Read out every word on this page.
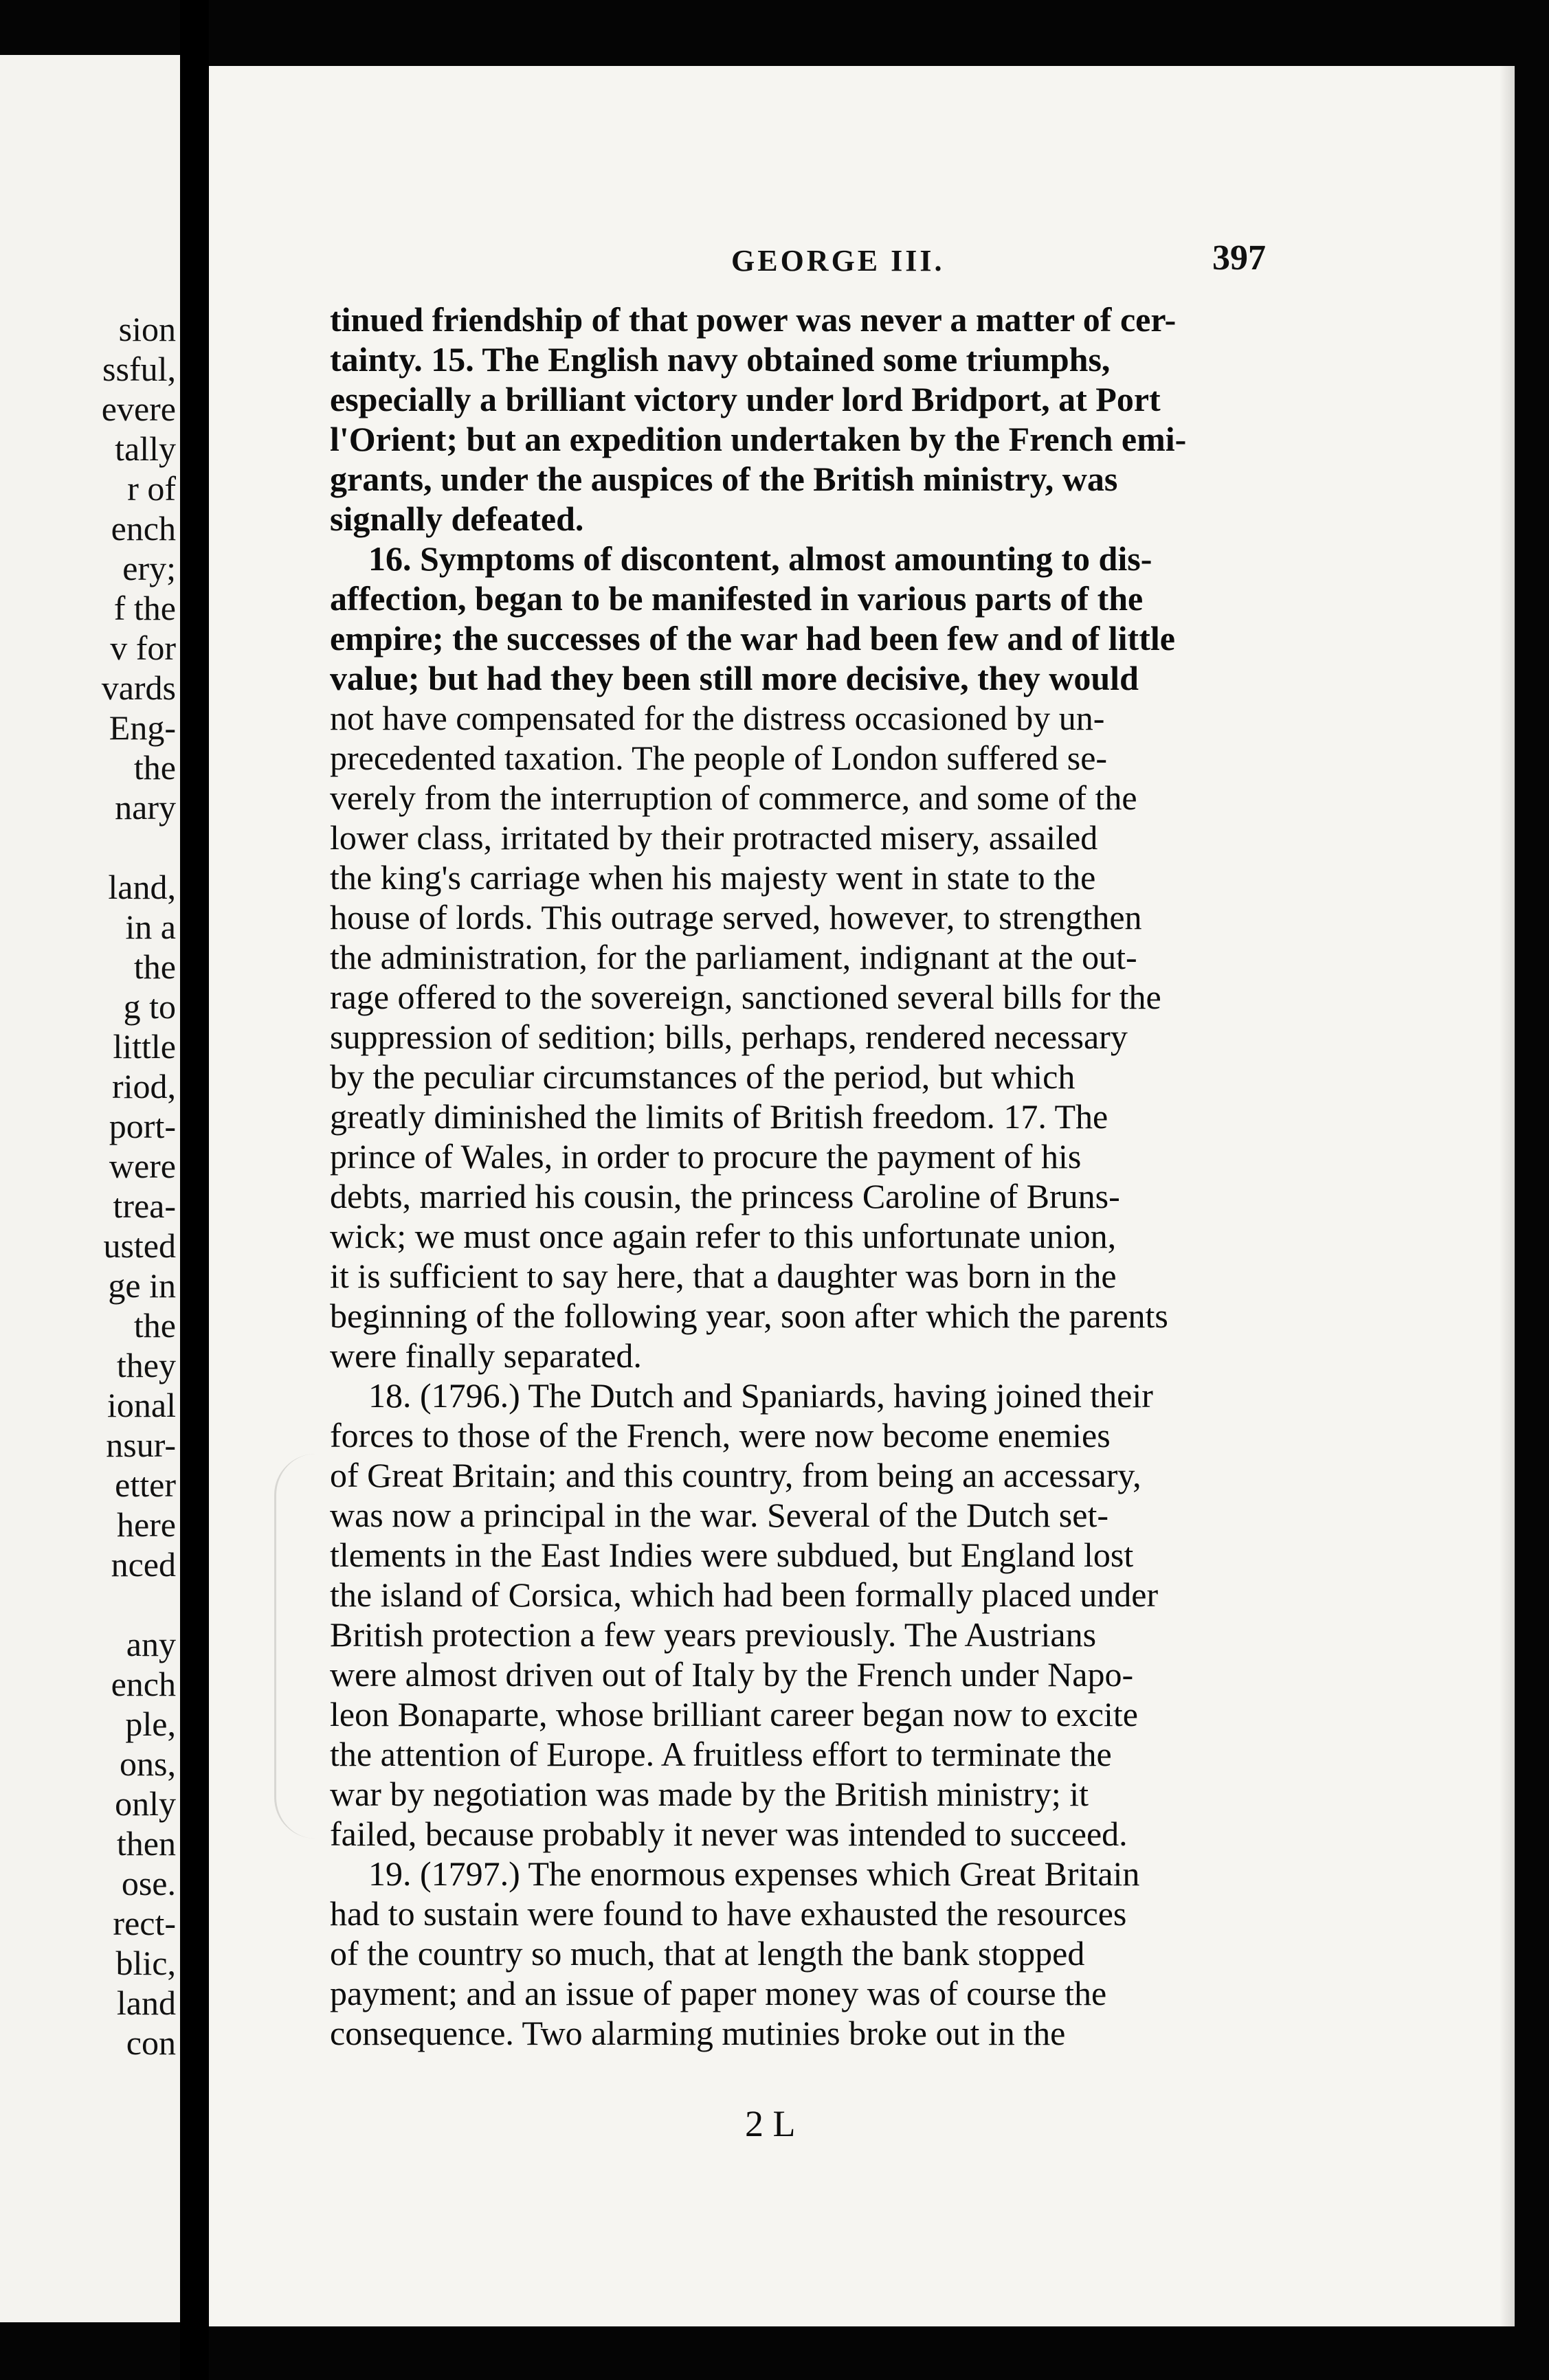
sion
ssful,
evere
tally
r of
ench
ery;
f the
v for
vards
Eng-
the
nary
land,
in a
the
g to
little
riod,
port-
were
trea-
usted
ge in
the
they
ional
nsur-
etter
here
nced
any
ench
ple,
ons,
only
then
ose.
rect-
blic,
land
con
GEORGE III.	397
tinued friendship of that power was never a matter of cer-
tainty. 15. The English navy obtained some triumphs,
especially a brilliant victory under lord Bridport, at Port
l'Orient; but an expedition undertaken by the French emi-
grants, under the auspices of the British ministry, was
signally defeated.
16. Symptoms of discontent, almost amounting to dis-
affection, began to be manifested in various parts of the
empire; the successes of the war had been few and of little
value; but had they been still more decisive, they would
not have compensated for the distress occasioned by un-
precedented taxation. The people of London suffered se-
verely from the interruption of commerce, and some of the
lower class, irritated by their protracted misery, assailed
the king's carriage when his majesty went in state to the
house of lords. This outrage served, however, to strengthen
the administration, for the parliament, indignant at the out-
rage offered to the sovereign, sanctioned several bills for the
suppression of sedition; bills, perhaps, rendered necessary
by the peculiar circumstances of the period, but which
greatly diminished the limits of British freedom. 17. The
prince of Wales, in order to procure the payment of his
debts, married his cousin, the princess Caroline of Bruns-
wick; we must once again refer to this unfortunate union,
it is sufficient to say here, that a daughter was born in the
beginning of the following year, soon after which the parents
were finally separated.
18. (1796.) The Dutch and Spaniards, having joined their
forces to those of the French, were now become enemies
of Great Britain; and this country, from being an accessary,
was now a principal in the war. Several of the Dutch set-
tlements in the East Indies were subdued, but England lost
the island of Corsica, which had been formally placed under
British protection a few years previously. The Austrians
were almost driven out of Italy by the French under Napo-
leon Bonaparte, whose brilliant career began now to excite
the attention of Europe. A fruitless effort to terminate the
war by negotiation was made by the British ministry; it
failed, because probably it never was intended to succeed.
19. (1797.) The enormous expenses which Great Britain
had to sustain were found to have exhausted the resources
of the country so much, that at length the bank stopped
payment; and an issue of paper money was of course the
consequence. Two alarming mutinies broke out in the
2 L
